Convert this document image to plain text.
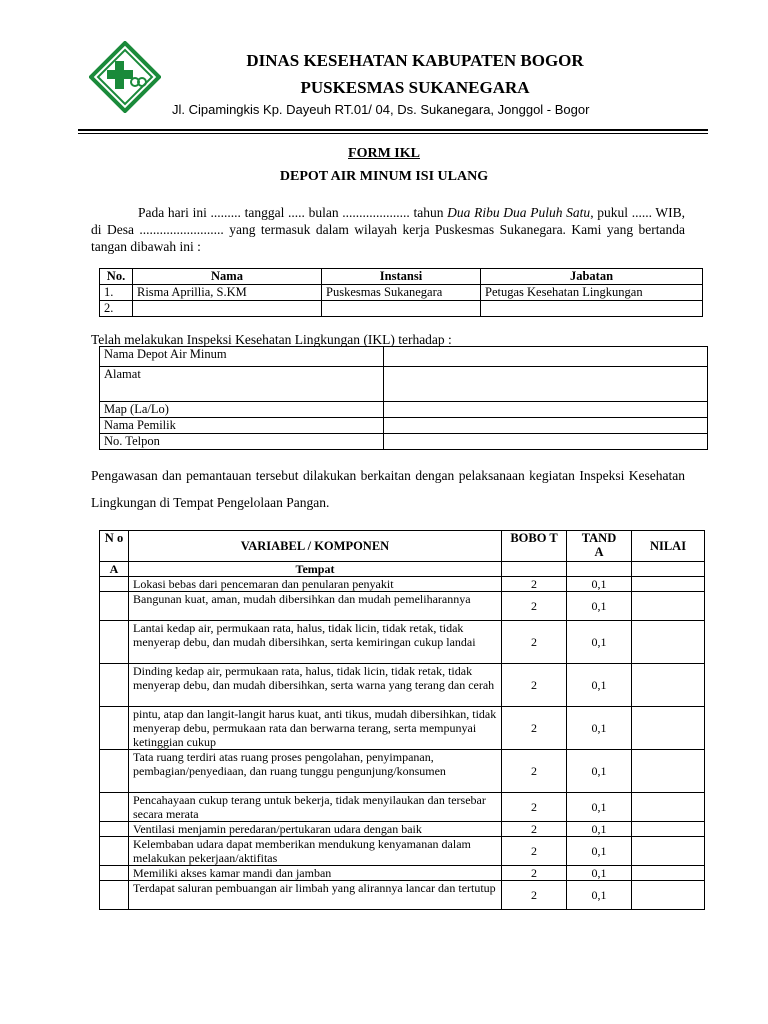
DINAS KESEHATAN KABUPATEN BOGOR
PUSKESMAS SUKANEGARA
Jl. Cipamingkis Kp. Dayeuh RT.01/ 04, Ds. Sukanegara, Jonggol - Bogor
FORM IKL
DEPOT AIR MINUM ISI ULANG
Pada hari ini ......... tanggal ..... bulan .................... tahun Dua Ribu Dua Puluh Satu, pukul ...... WIB, di Desa ......................... yang termasuk dalam wilayah kerja Puskesmas Sukanegara. Kami yang bertanda tangan dibawah ini :
No.	Nama	Instansi	Jabatan
1.	Risma Aprillia, S.KM	Puskesmas Sukanegara	Petugas Kesehatan Lingkungan
2.			
Telah melakukan Inspeksi Kesehatan Lingkungan (IKL) terhadap :
Nama Depot Air Minum	
Alamat	
Map (La/Lo)	
Nama Pemilik	
No. Telpon	
Pengawasan dan pemantauan tersebut dilakukan berkaitan dengan pelaksanaan kegiatan Inspeksi Kesehatan Lingkungan di Tempat Pengelolaan Pangan.
N o	VARIABEL / KOMPONEN	BOBO T	TAND A	NILAI
A	Tempat			
	Lokasi bebas dari pencemaran dan penularan penyakit	2	0,1	
	Bangunan kuat, aman, mudah dibersihkan dan mudah pemeliharannya	2	0,1	
	Lantai kedap air, permukaan rata, halus, tidak licin, tidak retak, tidak menyerap debu, dan mudah dibersihkan, serta kemiringan cukup landai	2	0,1	
	Dinding kedap air, permukaan rata, halus, tidak licin, tidak retak, tidak menyerap debu, dan mudah dibersihkan, serta warna yang terang dan cerah	2	0,1	
	pintu, atap dan langit-langit harus kuat, anti tikus, mudah dibersihkan, tidak menyerap debu, permukaan rata dan berwarna terang, serta mempunyai ketinggian cukup	2	0,1	
	Tata ruang terdiri atas ruang proses pengolahan, penyimpanan, pembagian/penyediaan, dan ruang tunggu pengunjung/konsumen	2	0,1	
	Pencahayaan cukup terang untuk bekerja, tidak menyilaukan dan tersebar secara merata	2	0,1	
	Ventilasi menjamin peredaran/pertukaran udara dengan baik	2	0,1	
	Kelembaban udara dapat memberikan mendukung kenyamanan dalam melakukan pekerjaan/aktifitas	2	0,1	
	Memiliki akses kamar mandi dan jamban	2	0,1	
	Terdapat saluran pembuangan air limbah yang alirannya lancar dan tertutup	2	0,1	
